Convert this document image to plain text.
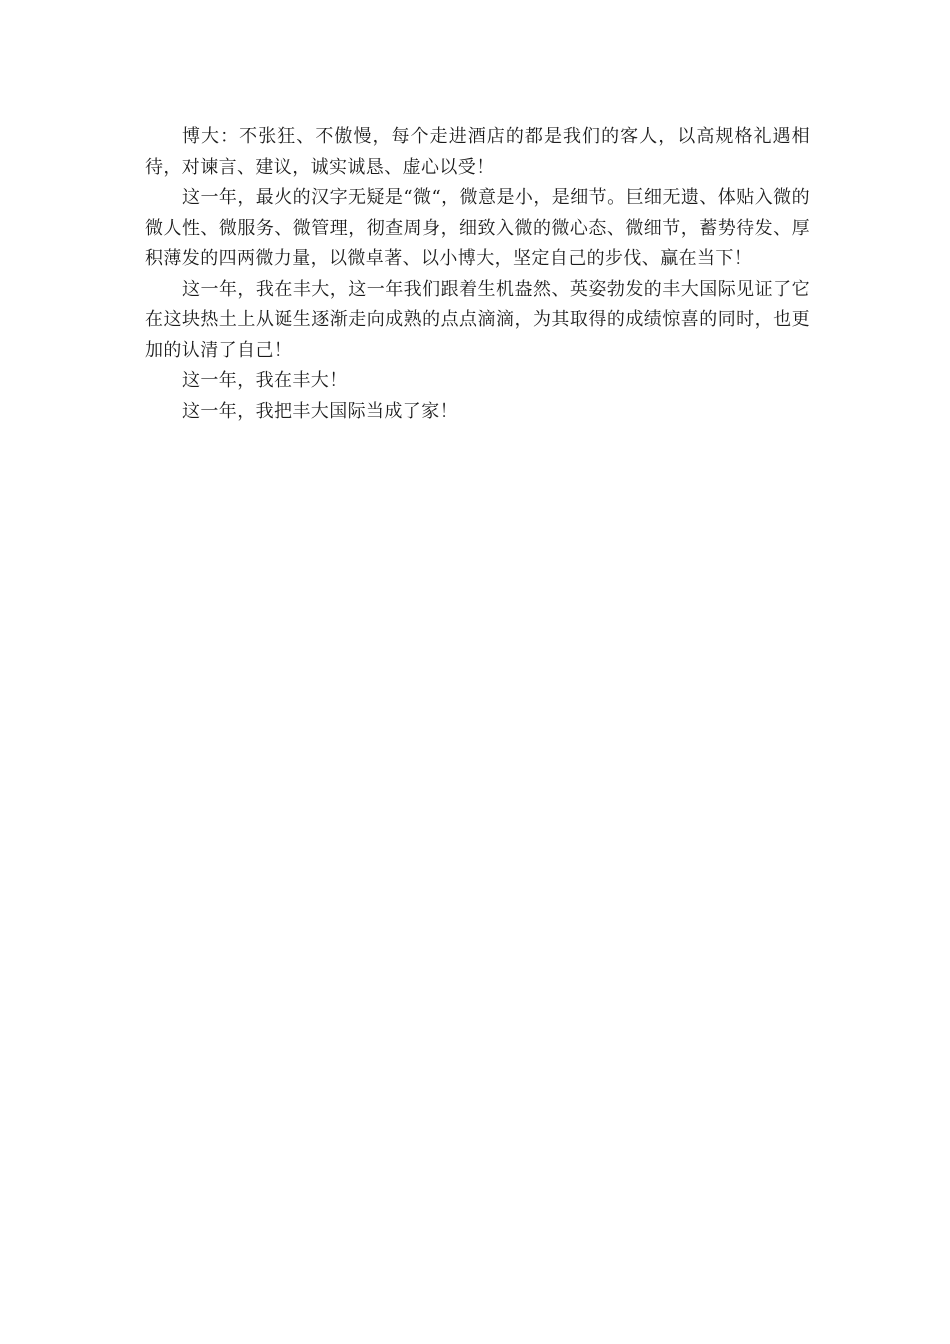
博大：不张狂、不傲慢，每个走进酒店的都是我们的客人，以高规格礼遇相待，对谏言、建议，诚实诚恳、虚心以受！

这一年，最火的汉字无疑是“微“，微意是小，是细节。巨细无遗、体贴入微的微人性、微服务、微管理，彻查周身，细致入微的微心态、微细节，蓄势待发、厚积薄发的四两微力量，以微卓著、以小博大，坚定自己的步伐、赢在当下！

这一年，我在丰大，这一年我们跟着生机盎然、英姿勃发的丰大国际见证了它在这块热土上从诞生逐渐走向成熟的点点滴滴，为其取得的成绩惊喜的同时，也更加的认清了自己！

这一年，我在丰大！

这一年，我把丰大国际当成了家！
